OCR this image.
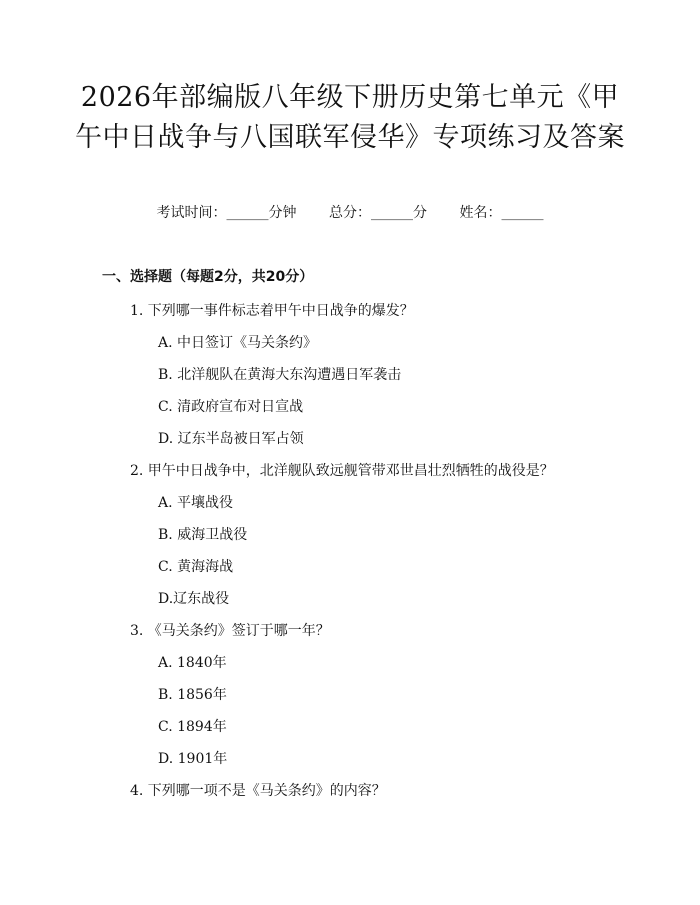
2026年部编版八年级下册历史第七单元《甲午中日战争与八国联军侵华》专项练习及答案
考试时间：______分钟 总分：______分 姓名：______
一、选择题（每题2分，共20分）
1. 下列哪一事件标志着甲午中日战争的爆发？
A. 中日签订《马关条约》
B. 北洋舰队在黄海大东沟遭遇日军袭击
C. 清政府宣布对日宣战
D. 辽东半岛被日军占领
2. 甲午中日战争中，北洋舰队致远舰管带邓世昌壮烈牺牲的战役是？
A. 平壤战役
B. 威海卫战役
C. 黄海海战
D.辽东战役
3. 《马关条约》签订于哪一年？
A. 1840年
B. 1856年
C. 1894年
D. 1901年
4. 下列哪一项不是《马关条约》的内容？
